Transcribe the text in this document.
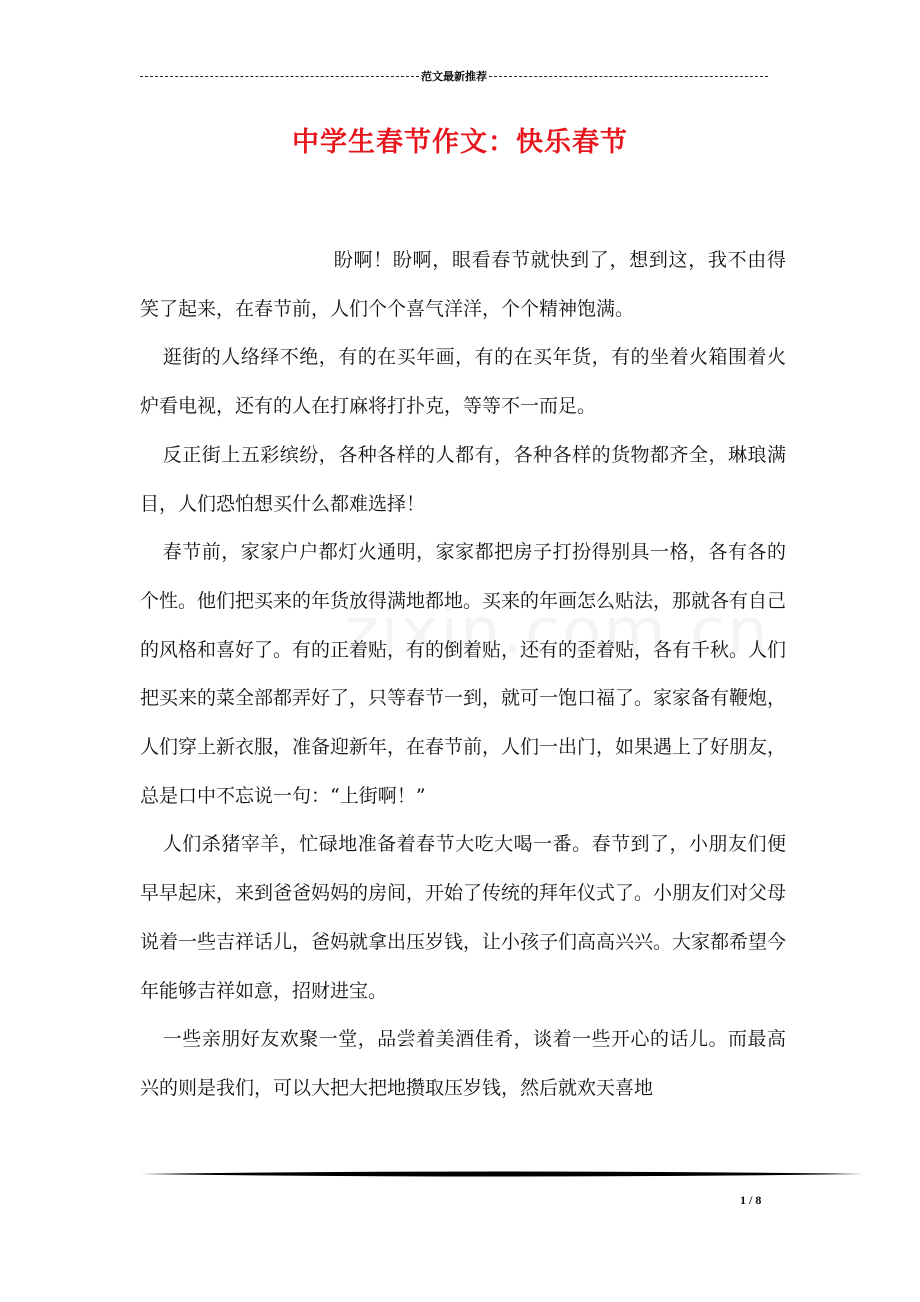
范文最新推荐
中学生春节作文：快乐春节

盼啊！盼啊，眼看春节就快到了，想到这，我不由得笑了起来，在春节前，人们个个喜气洋洋，个个精神饱满。

逛街的人络绎不绝，有的在买年画，有的在买年货，有的坐着火箱围着火炉看电视，还有的人在打麻将打扑克，等等不一而足。

反正街上五彩缤纷，各种各样的人都有，各种各样的货物都齐全，琳琅满目，人们恐怕想买什么都难选择！

春节前，家家户户都灯火通明，家家都把房子打扮得别具一格，各有各的个性。他们把买来的年货放得满地都地。买来的年画怎么贴法，那就各有自己的风格和喜好了。有的正着贴，有的倒着贴，还有的歪着贴，各有千秋。人们把买来的菜全部都弄好了，只等春节一到，就可一饱口福了。家家备有鞭炮，人们穿上新衣服，准备迎新年，在春节前，人们一出门，如果遇上了好朋友，总是口中不忘说一句：“上街啊！”

人们杀猪宰羊，忙碌地准备着春节大吃大喝一番。春节到了，小朋友们便早早起床，来到爸爸妈妈的房间，开始了传统的拜年仪式了。小朋友们对父母说着一些吉祥话儿，爸妈就拿出压岁钱，让小孩子们高高兴兴。大家都希望今年能够吉祥如意，招财进宝。

一些亲朋好友欢聚一堂，品尝着美酒佳肴，谈着一些开心的话儿。而最高兴的则是我们，可以大把大把地攒取压岁钱，然后就欢天喜地

1 / 8
